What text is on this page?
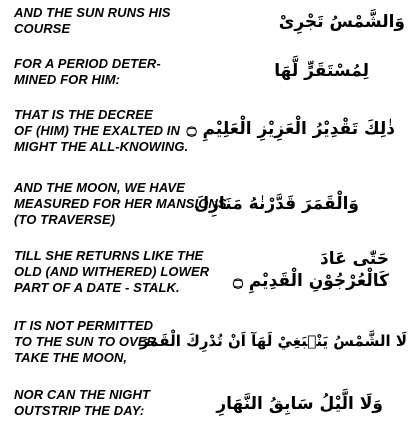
AND THE SUN RUNS HIS
COURSE	وَالشَّمْسُ تَجْرِىْ
FOR A PERIOD DETER-
MINED FOR HIM:	لِمُسْتَقَرٍّ لَّهَا
THAT IS THE DECREE
OF (HIM) THE EXALTED IN
MIGHT THE ALL-KNOWING.
ذٰلِكَ تَقْدِيْرُ الْعَزِيْزِ الْعَلِيْمِ ۝
AND THE MOON, WE HAVE
MEASURED FOR HER MANSIONS
(TO TRAVERSE)
وَالْقَمَرَ قَدَّرْنٰهُ مَنَازِلَ
TILL SHE RETURNS LIKE THE
OLD (AND WITHERED) LOWER
PART OF A DATE - STALK.
حَتّٰى عَادَ
كَالْعُرْجُوْنِ الْقَدِيْمِ ۝
IT IS NOT PERMITTED
TO THE SUN TO OVER
TAKE THE MOON,
لَا الشَّمْسُ يَنْۢبَغِيْ لَهَآ اَنْ تُدْرِكَ الْقَمَرَ
NOR CAN THE NIGHT
OUTSTRIP THE DAY:	وَلَا الَّيْلُ سَابِقُ النَّهَارِ
